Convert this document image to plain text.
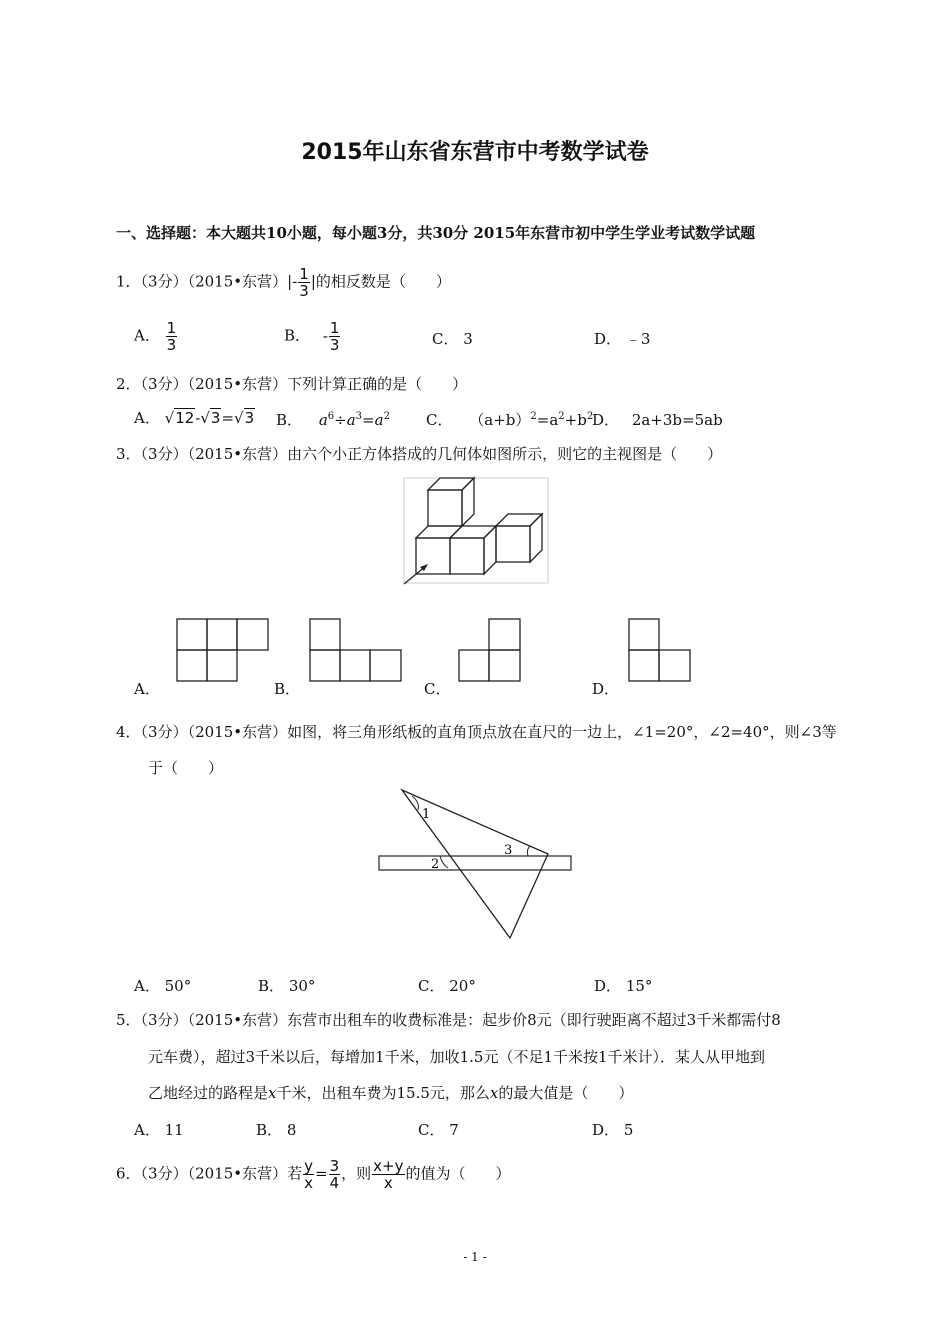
2015年山东省东营市中考数学试卷
一、选择题：本大题共10小题，每小题3分，共30分 2015年东营市初中学生学业考试数学试题
1．（3分）（2015•东营）|- $\frac{1}{3}$ |的相反数是（　　）
A． $\frac{1}{3}$	B． - $\frac{1}{3}$	C． 3	D． ﹣3
2．（3分）（2015•东营）下列计算正确的是（　　）
A． √12-√3=√3 B． $a^6\div a^3=a^2$ C． $(a+b)^2=a^2+b^2$
D． 2a+3b=5ab
3．（3分）（2015•东营）由六个小正方体搭成的几何体如图所示，则它的主视图是（　　）
A．	B．	C．	D．
4．（3分）（2015•东营）如图，将三角形纸板的直角顶点放在直尺的一边上，∠1=20°，∠2=40°，则∠3等
于（　　）
1
2
3
A． 50°	B． 30°	C． 20°	D． 15°
5．（3分）（2015•东营）东营市出租车的收费标准是：起步价8元（即行驶距离不超过3千米都需付8
元车费），超过3千米以后，每增加1千米，加收1.5元（不足1千米按1千米计）．某人从甲地到
乙地经过的路程是x千米，出租车费为15.5元，那么x的最大值是（　　）
A． 11	B． 8	C． 7	D． 5
6．（3分）（2015•东营）若 $\frac{y}{x} = \frac{3}{4}$ ，则 $\frac{x+y}{x}$ 的值为（　　）
- 1 -
